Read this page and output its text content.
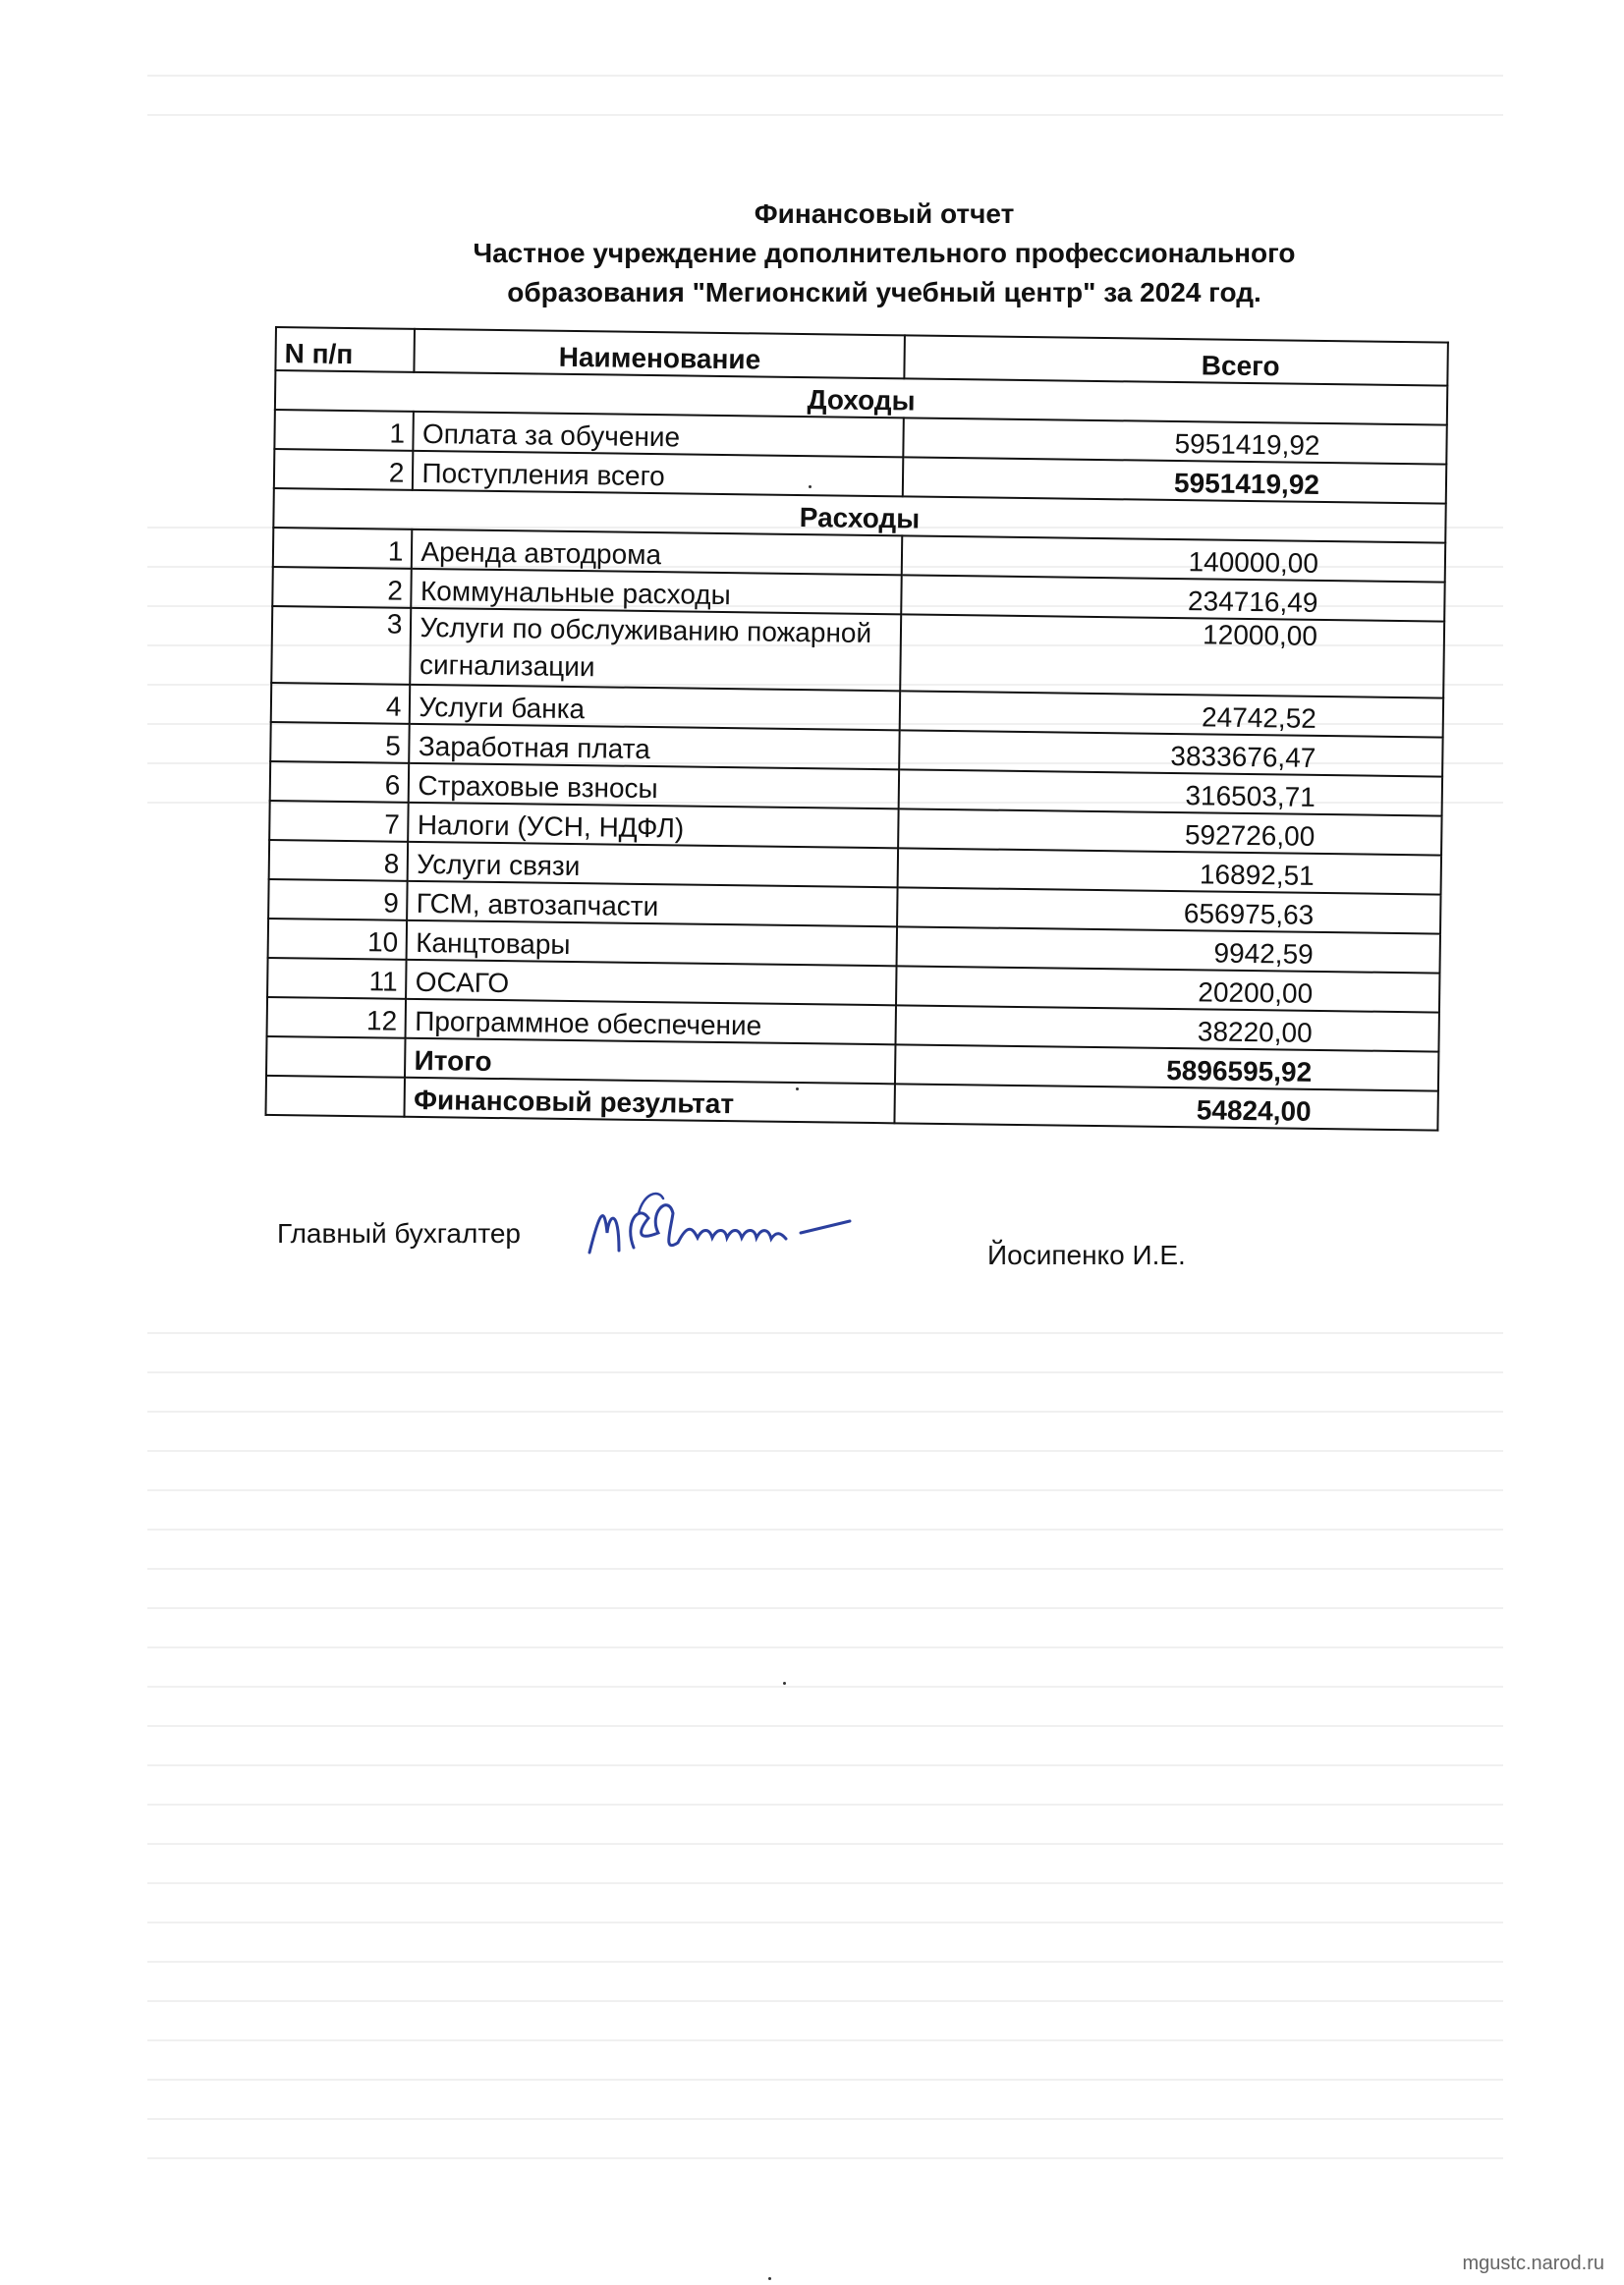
Финансовый отчет
Частное учреждение дополнительного профессионального
образования "Мегионский учебный центр" за 2024 год.
N п/п	Наименование	Всего
Доходы		
1	Оплата за обучение	5951419,92
2	Поступления всего	5951419,92
Расходы		
1	Аренда автодрома	140000,00
2	Коммунальные расходы	234716,49
3	Услуги по обслуживанию пожарной сигнализации	12000,00
4	Услуги банка	24742,52
5	Заработная плата	3833676,47
6	Страховые взносы	316503,71
7	Налоги (УСН, НДФЛ)	592726,00
8	Услуги связи	16892,51
9	ГСМ, автозапчасти	656975,63
10	Канцтовары	9942,59
11	ОСАГО	20200,00
12	Программное обеспечение	38220,00
	Итого	5896595,92
	Финансовый результат	54824,00
Главный бухгалтер
Йосипенко И.Е.
mgustc.narod.ru
